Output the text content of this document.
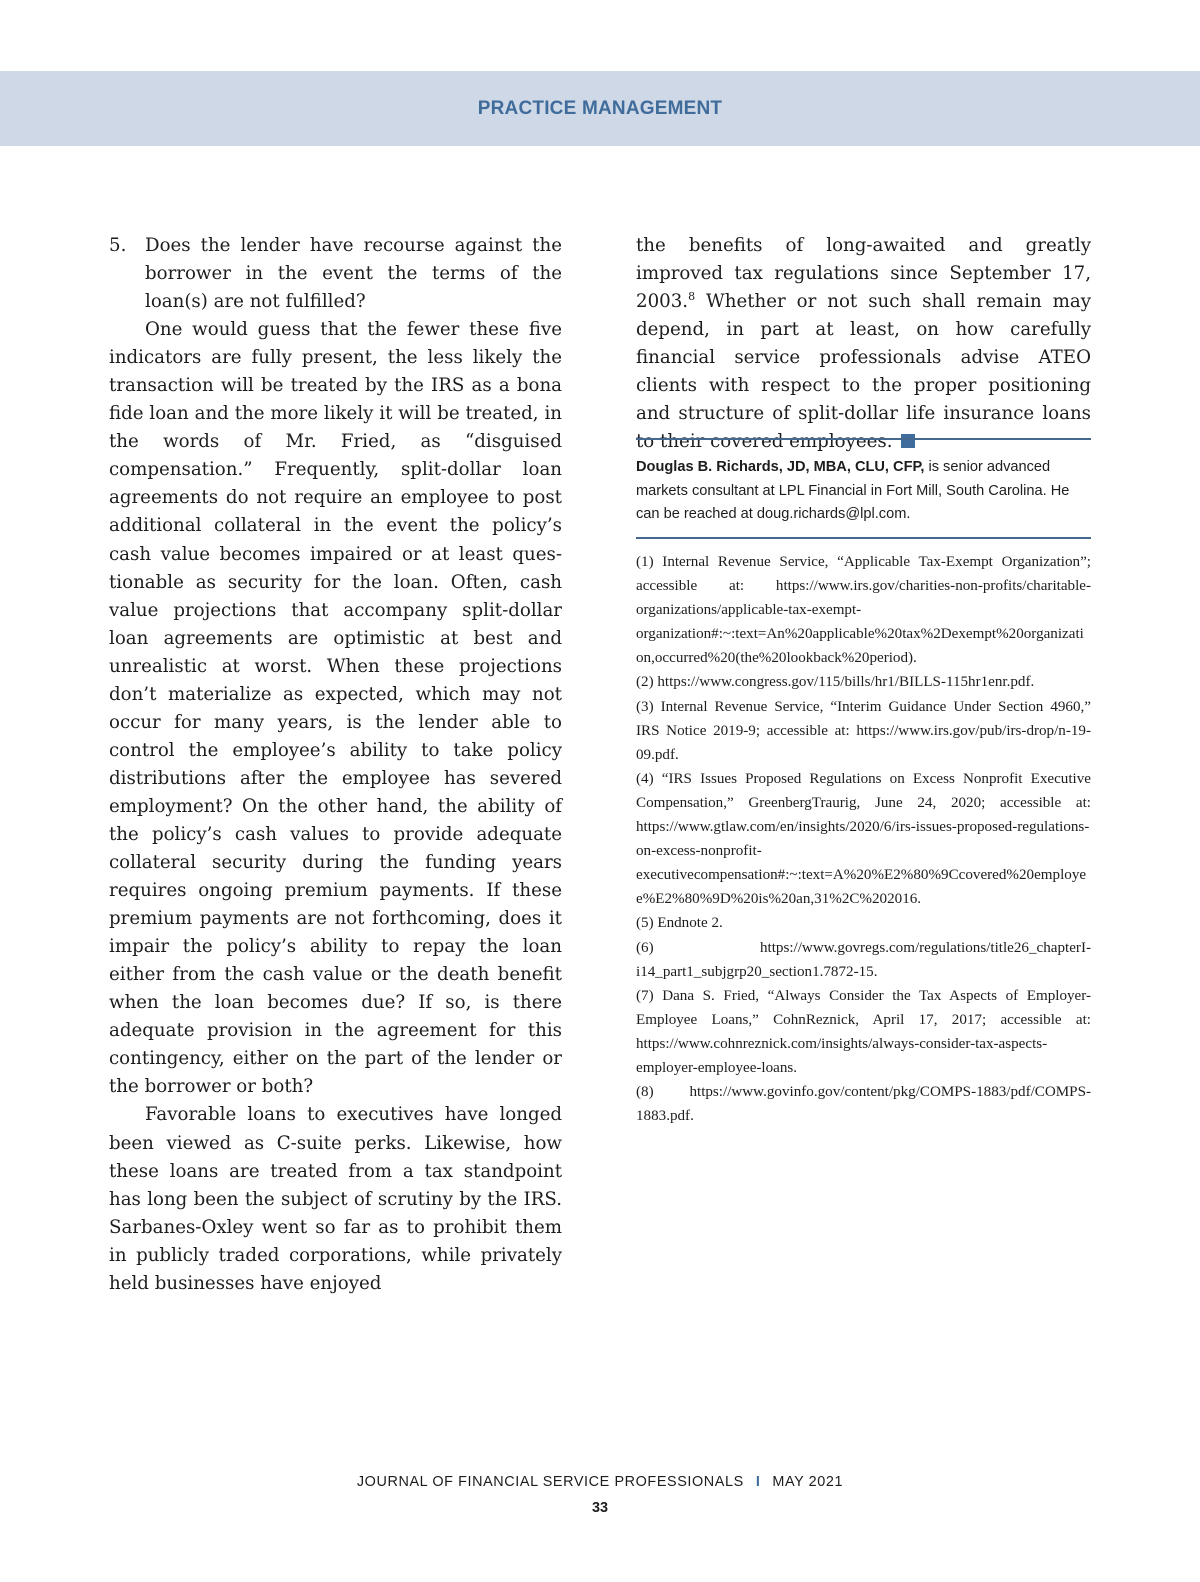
PRACTICE MANAGEMENT
5.	Does the lender have recourse against the borrower in the event the terms of the loan(s) are not fulfilled?

One would guess that the fewer these five indicators are fully present, the less likely the transaction will be treated by the IRS as a bona fide loan and the more likely it will be treated, in the words of Mr. Fried, as “disguised compensation.” Frequently, split-dollar loan agreements do not require an employee to post additional collateral in the event the policy’s cash value becomes impaired or at least questionable as security for the loan. Often, cash value projections that accompany split-dollar loan agreements are optimistic at best and unrealistic at worst. When these projections don’t materialize as expected, which may not occur for many years, is the lender able to control the employee’s ability to take policy distributions after the employee has severed employment? On the other hand, the ability of the policy’s cash values to provide adequate collateral security during the funding years requires ongoing premium payments. If these premium payments are not forthcoming, does it impair the policy’s ability to repay the loan either from the cash value or the death benefit when the loan becomes due? If so, is there adequate provision in the agreement for this contingency, either on the part of the lender or the borrower or both?

Favorable loans to executives have longed been viewed as C-suite perks. Likewise, how these loans are treated from a tax standpoint has long been the subject of scrutiny by the IRS. Sarbanes-Oxley went so far as to prohibit them in publicly traded corporations, while privately held businesses have enjoyed

the benefits of long-awaited and greatly improved tax regulations since September 17, 2003.$^8$ Whether or not such shall remain may depend, in part at least, on how carefully financial service professionals advise ATEO clients with respect to the proper positioning and structure of split-dollar life insurance loans to their covered employees.

Douglas B. Richards, JD, MBA, CLU, CFP, is senior advanced markets consultant at LPL Financial in Fort Mill, South Carolina. He can be reached at doug.richards@lpl.com.

(1) Internal Revenue Service, “Applicable Tax-Exempt Organization”; accessible at: https://www.irs.gov/charities-non-profits/charitable-organizations/applicable-tax-exempt-organization#:~:text=An%20applicable%20tax%2Dexempt%20organization,occurred%20(the%20lookback%20period).

(2) https://www.congress.gov/115/bills/hr1/BILLS-115hr1enr.pdf.

(3) Internal Revenue Service, “Interim Guidance Under Section 4960,” IRS Notice 2019-9; accessible at: https://www.irs.gov/pub/irs-drop/n-19-09.pdf.

(4) “IRS Issues Proposed Regulations on Excess Nonprofit Executive Compensation,” GreenbergTraurig, June 24, 2020; accessible at: https://www.gtlaw.com/en/insights/2020/6/irs-issues-proposed-regulations-on-excess-nonprofit-executivecompensation#:~:text=A%20%E2%80%9Ccovered%20employee%E2%80%9D%20is%20an,31%2C%202016.

(5) Endnote 2.

(6) https://www.govregs.com/regulations/title26_chapterI-i14_part1_subjgrp20_section1.7872-15.

(7) Dana S. Fried, “Always Consider the Tax Aspects of Employer-Employee Loans,” CohnReznick, April 17, 2017; accessible at: https://www.cohnreznick.com/insights/always-consider-tax-aspects-employer-employee-loans.

(8) https://www.govinfo.gov/content/pkg/COMPS-1883/pdf/COMPS-1883.pdf.

JOURNAL OF FINANCIAL SERVICE PROFESSIONALS I MAY 2021
33
